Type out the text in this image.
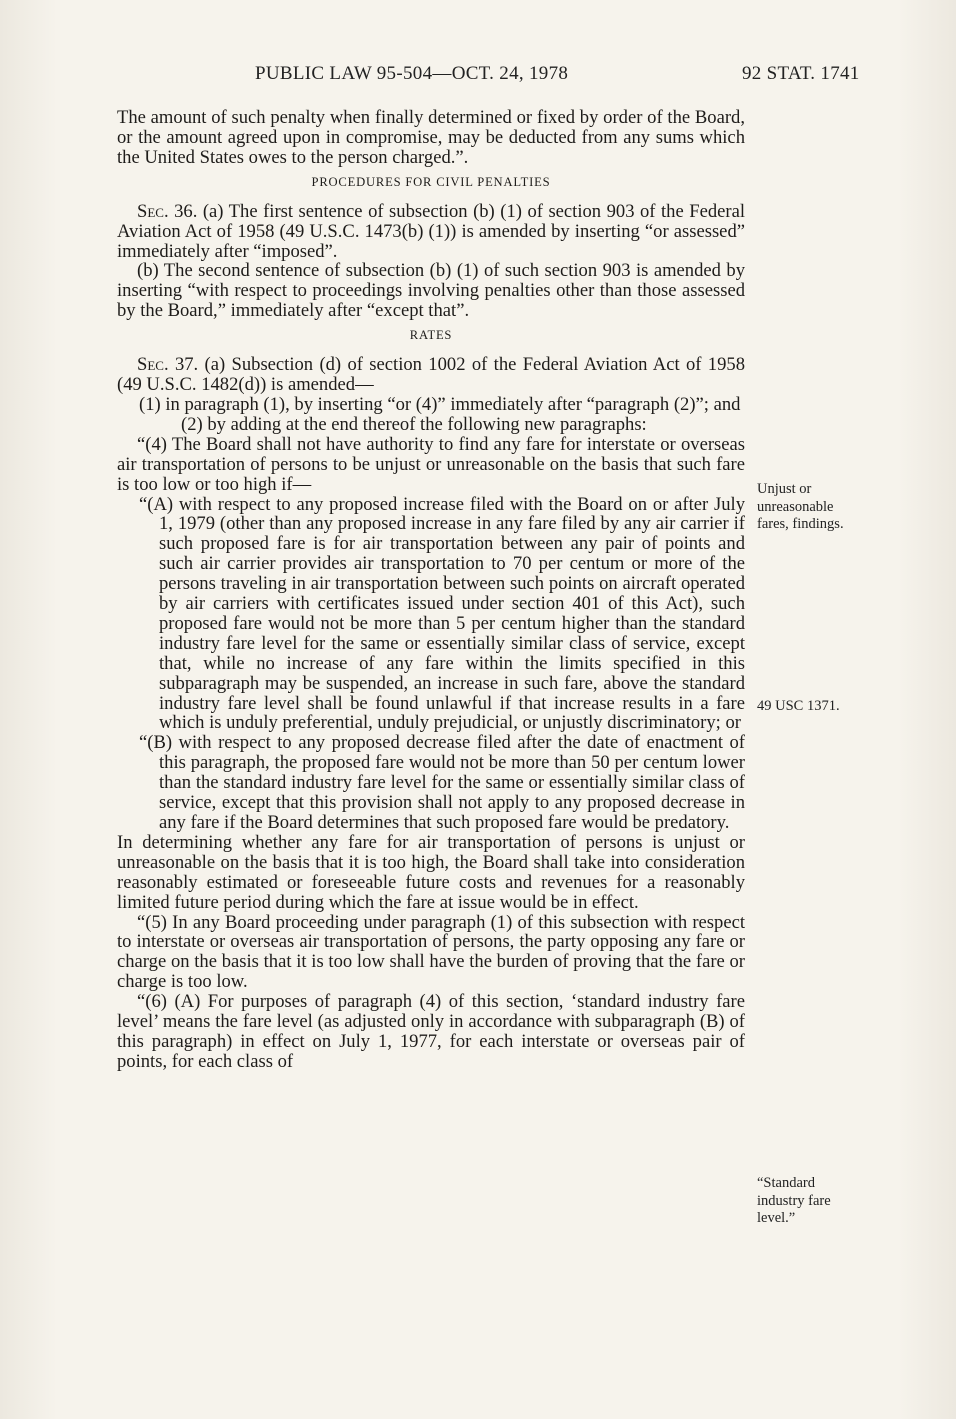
PUBLIC LAW 95-504—OCT. 24, 1978	92 STAT. 1741

The amount of such penalty when finally determined or fixed by order of the Board, or the amount agreed upon in compromise, may be deducted from any sums which the United States owes to the person charged.”.

PROCEDURES FOR CIVIL PENALTIES

Sec. 36. (a) The first sentence of subsection (b) (1) of section 903 of the Federal Aviation Act of 1958 (49 U.S.C. 1473(b) (1)) is amended by inserting “or assessed” immediately after “imposed”.

(b) The second sentence of subsection (b) (1) of such section 903 is amended by inserting “with respect to proceedings involving penalties other than those assessed by the Board,” immediately after “except that”.

RATES

Sec. 37. (a) Subsection (d) of section 1002 of the Federal Aviation Act of 1958 (49 U.S.C. 1482(d)) is amended—

(1) in paragraph (1), by inserting “or (4)” immediately after “paragraph (2)”; and

(2) by adding at the end thereof the following new paragraphs:

“(4) The Board shall not have authority to find any fare for interstate or overseas air transportation of persons to be unjust or unreasonable on the basis that such fare is too low or too high if—

“(A) with respect to any proposed increase filed with the Board on or after July 1, 1979 (other than any proposed increase in any fare filed by any air carrier if such proposed fare is for air transportation between any pair of points and such air carrier provides air transportation to 70 per centum or more of the persons traveling in air transportation between such points on aircraft operated by air carriers with certificates issued under section 401 of this Act), such proposed fare would not be more than 5 per centum higher than the standard industry fare level for the same or essentially similar class of service, except that, while no increase of any fare within the limits specified in this subparagraph may be suspended, an increase in such fare, above the standard industry fare level shall be found unlawful if that increase results in a fare which is unduly preferential, unduly prejudicial, or unjustly discriminatory; or

“(B) with respect to any proposed decrease filed after the date of enactment of this paragraph, the proposed fare would not be more than 50 per centum lower than the standard industry fare level for the same or essentially similar class of service, except that this provision shall not apply to any proposed decrease in any fare if the Board determines that such proposed fare would be predatory.

In determining whether any fare for air transportation of persons is unjust or unreasonable on the basis that it is too high, the Board shall take into consideration reasonably estimated or foreseeable future costs and revenues for a reasonably limited future period during which the fare at issue would be in effect.

“(5) In any Board proceeding under paragraph (1) of this subsection with respect to interstate or overseas air transportation of persons, the party opposing any fare or charge on the basis that it is too low shall have the burden of proving that the fare or charge is too low.

“(6) (A) For purposes of paragraph (4) of this section, ‘standard industry fare level’ means the fare level (as adjusted only in accordance with subparagraph (B) of this paragraph) in effect on July 1, 1977, for each interstate or overseas pair of points, for each class of

Unjust or unreasonable fares, findings.
49 USC 1371.
“Standard industry fare level.”
